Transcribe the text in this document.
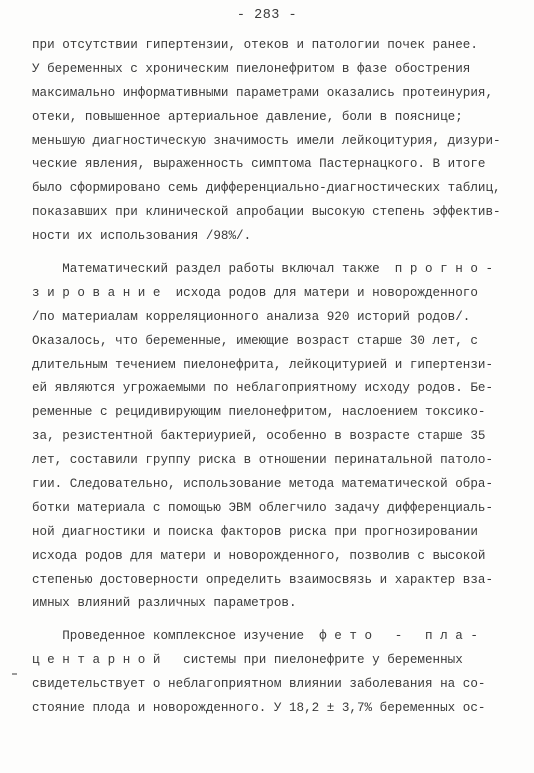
- 283 -
при отсутствии гипертензии, отеков и патологии почек ранее.
У беременных с хроническим пиелонефритом в фазе обострения
максимально информативными параметрами оказались протеинурия,
отеки, повышенное артериальное давление, боли в пояснице;
меньшую диагностическую значимость имели лейкоцитурия, дизури-
ческие явления, выраженность симптома Пастернацкого. В итоге
было сформировано семь дифференциально-диагностических таблиц,
показавших при клинической апробации высокую степень эффектив-
ности их использования /98%/.
Математический раздел работы включал также  п р о г н о -
з и р о в а н и е  исхода родов для матери и новорожденного
/по материалам корреляционного анализа 920 историй родов/.
Оказалось, что беременные, имеющие возраст старше 30 лет, с
длительным течением пиелонефрита, лейкоцитурией и гипертензи-
ей являются угрожаемыми по неблагоприятному исходу родов. Бе-
ременные с рецидивирующим пиелонефритом, наслоением токсико-
за, резистентной бактериурией, особенно в возрасте старше 35
лет, составили группу риска в отношении перинатальной патоло-
гии. Следовательно, использование метода математической обра-
ботки материала с помощью ЭВМ облегчило задачу дифференциаль-
ной диагностики и поиска факторов риска при прогнозировании
исхода родов для матери и новорожденного, позволив с высокой
степенью достоверности определить взаимосвязь и характер вза-
имных влияний различных параметров.
Проведенное комплексное изучение  ф е т о   -   п л а -
ц е н т а р н о й   системы при пиелонефрите у беременных
свидетельствует о неблагоприятном влиянии заболевания на со-
стояние плода и новорожденного. У 18,2 ± 3,7% беременных ос-
